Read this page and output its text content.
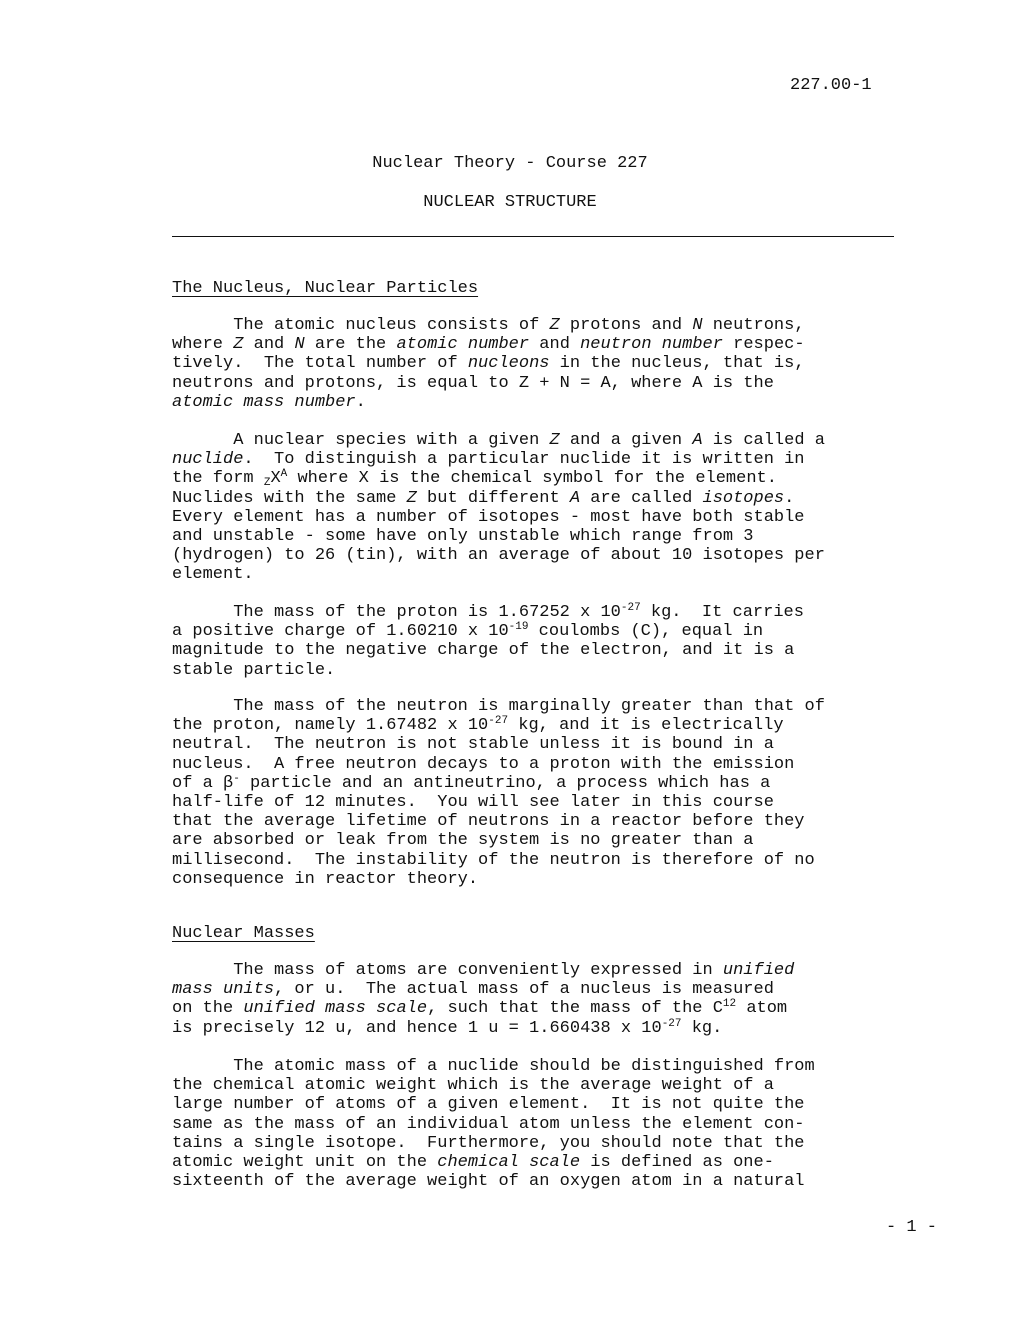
227.00-1
Nuclear Theory - Course 227
NUCLEAR STRUCTURE
The Nucleus, Nuclear Particles
The atomic nucleus consists of Z protons and N neutrons,
where Z and N are the atomic number and neutron number respec-
tively.  The total number of nucleons in the nucleus, that is,
neutrons and protons, is equal to Z + N = A, where A is the
atomic mass number.
A nuclear species with a given Z and a given A is called a
nuclide.  To distinguish a particular nuclide it is written in
the form $_ZX^A$ where X is the chemical symbol for the element.
Nuclides with the same Z but different A are called isotopes.
Every element has a number of isotopes - most have both stable
and unstable - some have only unstable which range from 3
(hydrogen) to 26 (tin), with an average of about 10 isotopes per
element.
The mass of the proton is 1.67252 x $10^{-27}$ kg.  It carries
a positive charge of 1.60210 x $10^{-19}$ coulombs (C), equal in
magnitude to the negative charge of the electron, and it is a
stable particle.
The mass of the neutron is marginally greater than that of
the proton, namely 1.67482 x $10^{-27}$ kg, and it is electrically
neutral.  The neutron is not stable unless it is bound in a
nucleus.  A free neutron decays to a proton with the emission
of a β- particle and an antineutrino, a process which has a
half-life of 12 minutes.  You will see later in this course
that the average lifetime of neutrons in a reactor before they
are absorbed or leak from the system is no greater than a
millisecond.  The instability of the neutron is therefore of no
consequence in reactor theory.
Nuclear Masses
The mass of atoms are conveniently expressed in unified
mass units, or u.  The actual mass of a nucleus is measured
on the unified mass scale, such that the mass of the $C^{12}$ atom
is precisely 12 u, and hence 1 u = 1.660438 x $10^{-27}$ kg.
The atomic mass of a nuclide should be distinguished from
the chemical atomic weight which is the average weight of a
large number of atoms of a given element.  It is not quite the
same as the mass of an individual atom unless the element con-
tains a single isotope.  Furthermore, you should note that the
atomic weight unit on the chemical scale is defined as one-
sixteenth of the average weight of an oxygen atom in a natural
- 1 -
